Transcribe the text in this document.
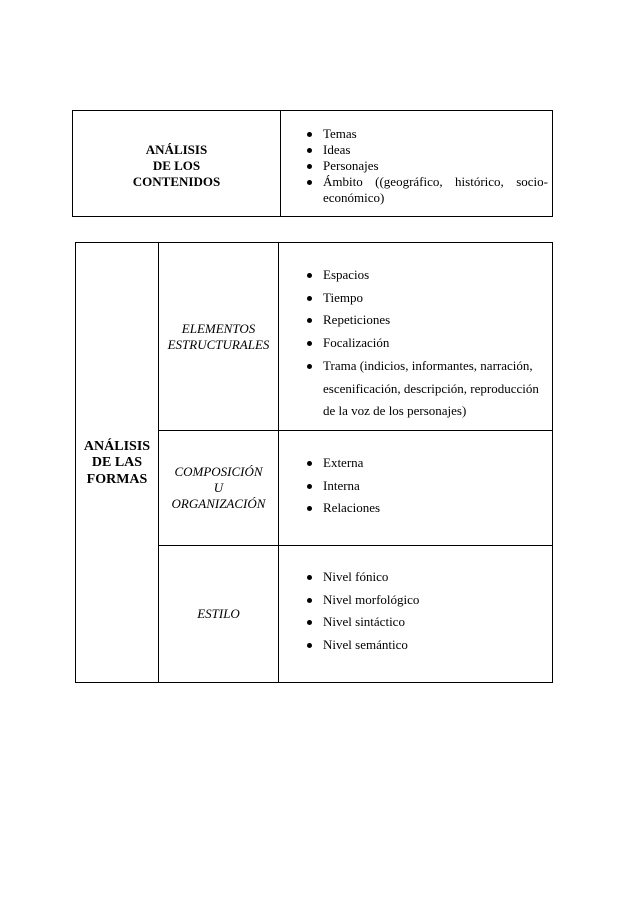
ANÁLISIS
DE LOS
CONTENIDOS
Temas
Ideas
Personajes
Ámbito ((geográfico, histórico, socio-económico)
ANÁLISIS
DE LAS
FORMAS
ELEMENTOS
ESTRUCTURALES
Espacios
Tiempo
Repeticiones
Focalización
Trama (indicios, informantes, narración, escenificación, descripción, reproducción de la voz de los personajes)
COMPOSICIÓN
U
ORGANIZACIÓN
Externa
Interna
Relaciones
ESTILO
Nivel fónico
Nivel morfológico
Nivel sintáctico
Nivel semántico
